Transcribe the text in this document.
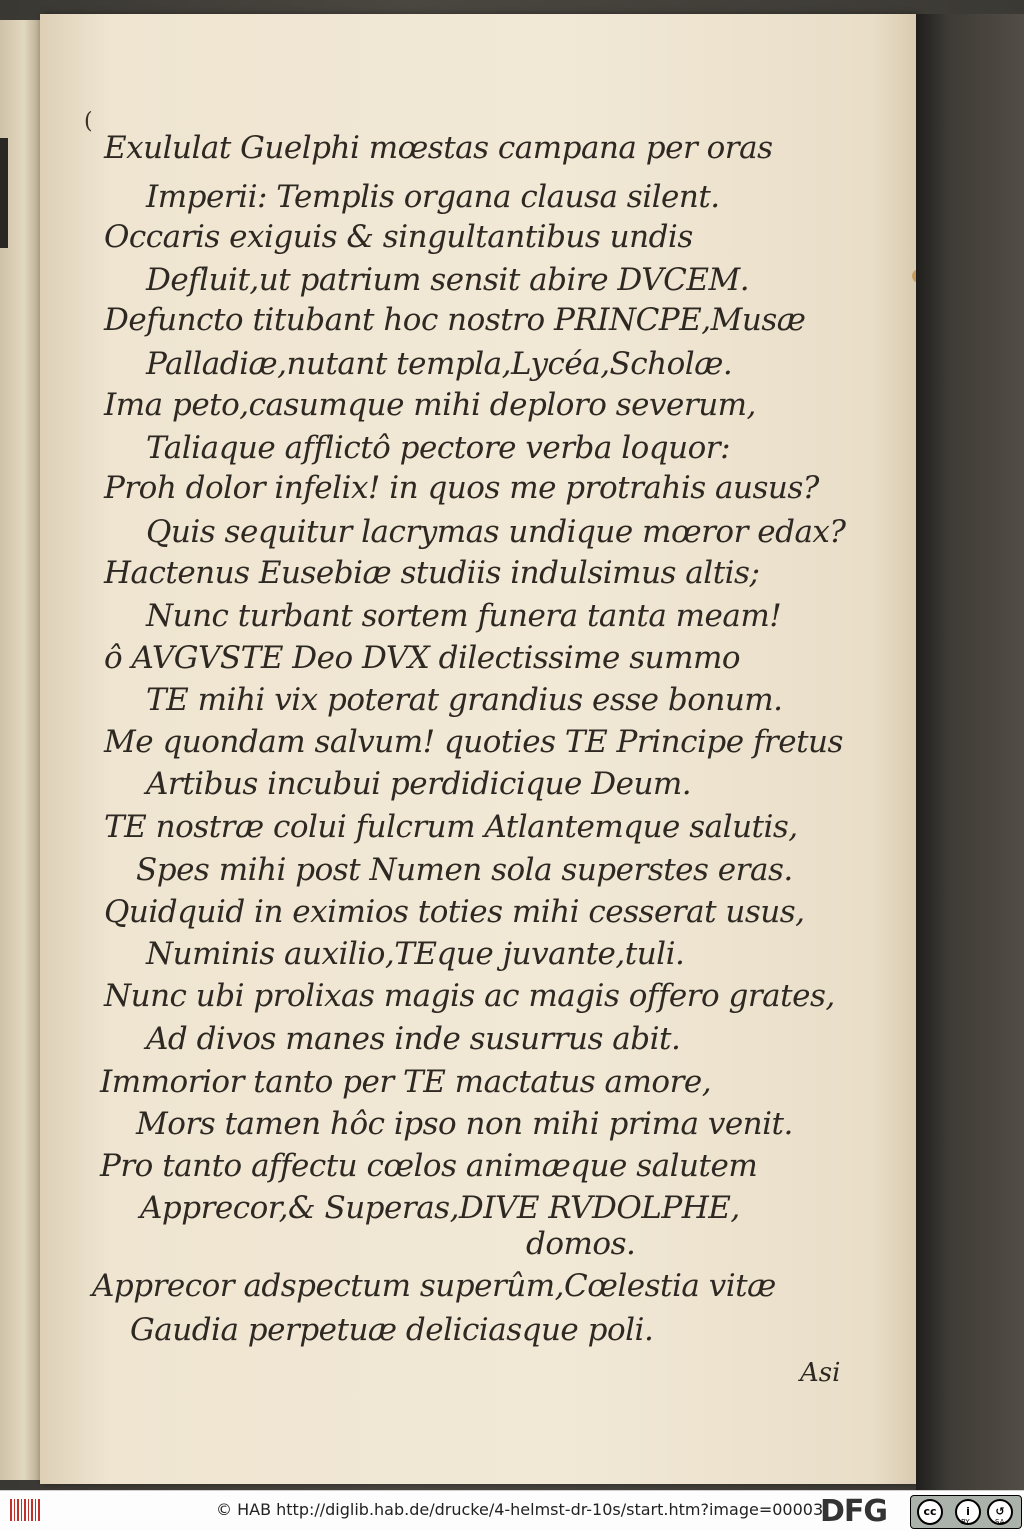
(
Exululat Guelphi mœstas campana per oras
Imperii: Templis organa clausa silent.
Occaris exiguis & singultantibus undis
Defluit,ut patrium sensit abire DVCEM.
Defuncto titubant hoc nostro PRINCPE,Musæ
Palladiæ,nutant templa,Lycéa,Scholæ.
Ima peto,casumque mihi deploro severum,
Taliaque afflictô pectore verba loquor:
Proh dolor infelix! in quos me protrahis ausus?
Quis sequitur lacrymas undique mœror edax?
Hactenus Eusebiæ studiis indulsimus altis;
Nunc turbant sortem funera tanta meam!
ô AVGVSTE Deo DVX dilectissime summo
TE mihi vix poterat grandius esse bonum.
Me quondam salvum! quoties TE Principe fretus
Artibus incubui perdidicique Deum.
TE nostræ colui fulcrum Atlantemque salutis,
Spes mihi post Numen sola superstes eras.
Quidquid in eximios toties mihi cesserat usus,
Numinis auxilio,TEque juvante,tuli.
Nunc ubi prolixas magis ac magis offero grates,
Ad divos manes inde susurrus abit.
Immorior tanto per TE mactatus amore,
Mors tamen hôc ipso non mihi prima venit.
Pro tanto affectu cœlos animæque salutem
Apprecor,& Superas,DIVE RVDOLPHE,
domos.
Apprecor adspectum superûm,Cœlestia vitæ
Gaudia perpetuæ deliciasque poli.
Asi
© HAB http://diglib.hab.de/drucke/4-helmst-dr-10s/start.htm?image=00003
DFG	cc	i	↺
BY	SA
